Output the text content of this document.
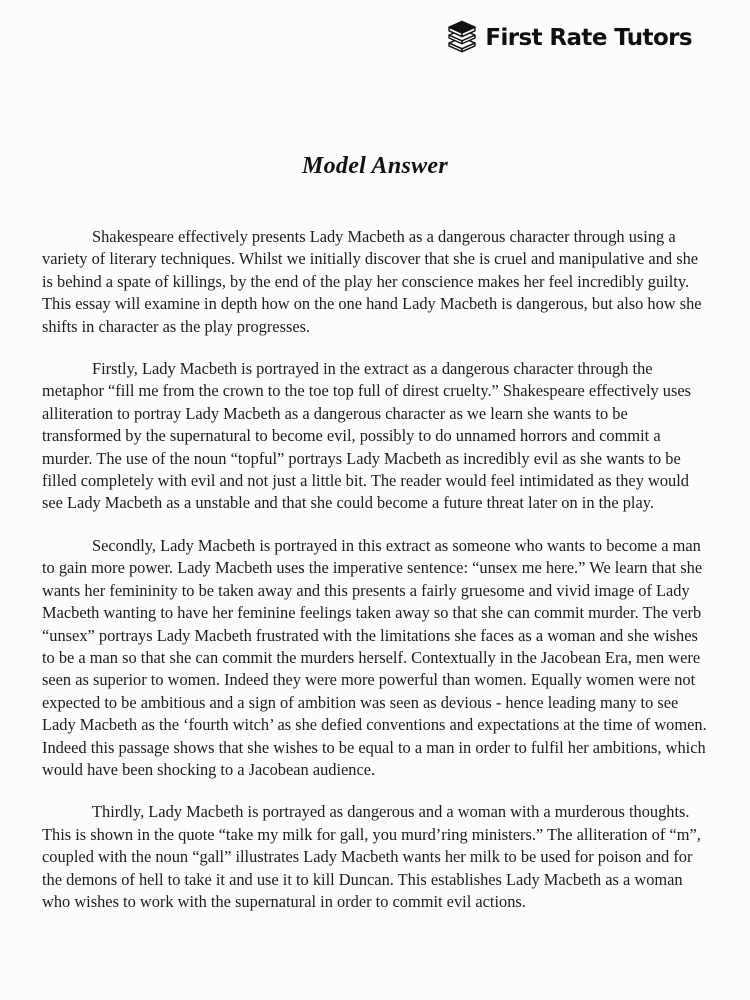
First Rate Tutors
Model Answer

Shakespeare effectively presents Lady Macbeth as a dangerous character through using a variety of literary techniques. Whilst we initially discover that she is cruel and manipulative and she is behind a spate of killings, by the end of the play her conscience makes her feel incredibly guilty. This essay will examine in depth how on the one hand Lady Macbeth is dangerous, but also how she shifts in character as the play progresses.

Firstly, Lady Macbeth is portrayed in the extract as a dangerous character through the metaphor “fill me from the crown to the toe top full of direst cruelty.” Shakespeare effectively uses alliteration to portray Lady Macbeth as a dangerous character as we learn she wants to be transformed by the supernatural to become evil, possibly to do unnamed horrors and commit a murder. The use of the noun “topful” portrays Lady Macbeth as incredibly evil as she wants to be filled completely with evil and not just a little bit. The reader would feel intimidated as they would see Lady Macbeth as a unstable and that she could become a future threat later on in the play.

Secondly, Lady Macbeth is portrayed in this extract as someone who wants to become a man to gain more power. Lady Macbeth uses the imperative sentence: “unsex me here.” We learn that she wants her femininity to be taken away and this presents a fairly gruesome and vivid image of Lady Macbeth wanting to have her feminine feelings taken away so that she can commit murder. The verb “unsex” portrays Lady Macbeth frustrated with the limitations she faces as a woman and she wishes to be a man so that she can commit the murders herself. Contextually in the Jacobean Era, men were seen as superior to women. Indeed they were more powerful than women. Equally women were not expected to be ambitious and a sign of ambition was seen as devious - hence leading many to see Lady Macbeth as the ‘fourth witch’ as she defied conventions and expectations at the time of women. Indeed this passage shows that she wishes to be equal to a man in order to fulfil her ambitions, which would have been shocking to a Jacobean audience.

Thirdly, Lady Macbeth is portrayed as dangerous and a woman with a murderous thoughts. This is shown in the quote “take my milk for gall, you murd’ring ministers.” The alliteration of “m”, coupled with the noun “gall” illustrates Lady Macbeth wants her milk to be used for poison and for the demons of hell to take it and use it to kill Duncan. This establishes Lady Macbeth as a woman who wishes to work with the supernatural in order to commit evil actions.
